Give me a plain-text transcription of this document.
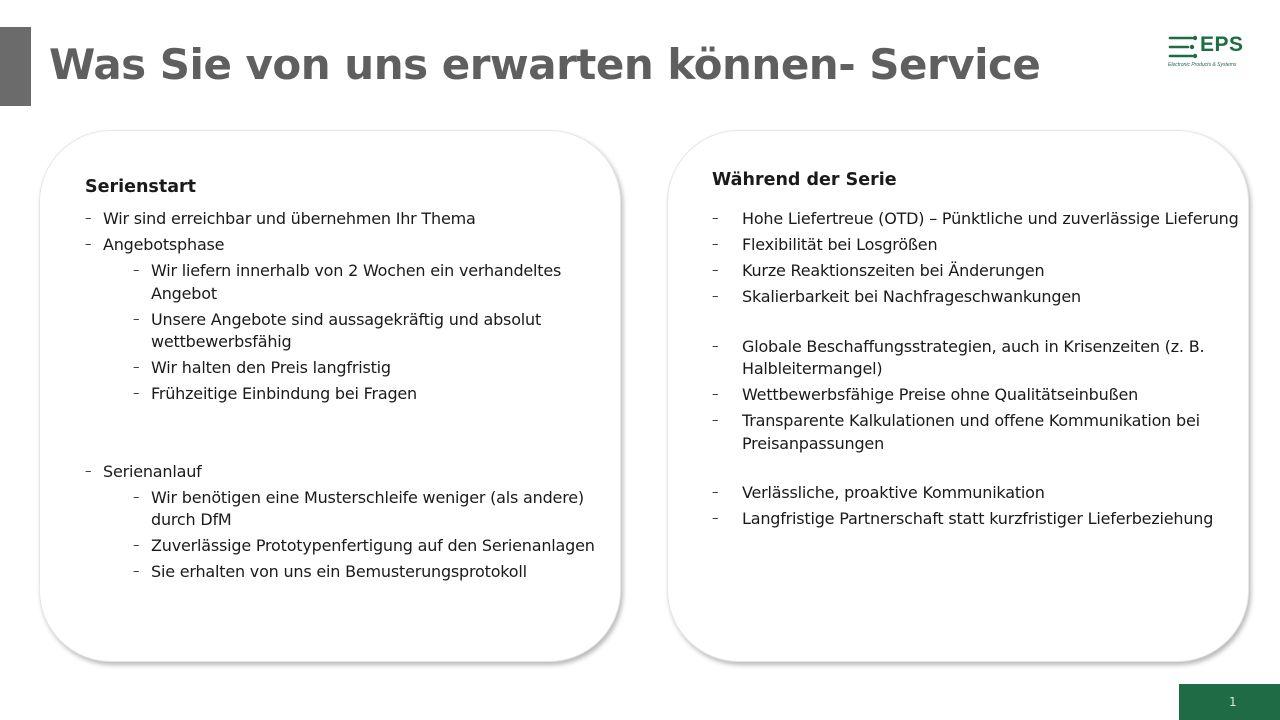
Was Sie von uns erwarten können- Service	EPS
Electronic Products & Systems
Serienstart
– Wir sind erreichbar und übernehmen Ihr Thema
– Angebotsphase
– Wir liefern innerhalb von 2 Wochen ein verhandeltes Angebot
– Unsere Angebote sind aussagekräftig und absolut wettbewerbsfähig
– Wir halten den Preis langfristig
– Frühzeitige Einbindung bei Fragen
– Serienanlauf
– Wir benötigen eine Musterschleife weniger (als andere) durch DfM
– Zuverlässige Prototypenfertigung auf den Serienanlagen
– Sie erhalten von uns ein Bemusterungsprotokoll
Während der Serie
– Hohe Liefertreue (OTD) – Pünktliche und zuverlässige Lieferung
– Flexibilität bei Losgrößen
– Kurze Reaktionszeiten bei Änderungen
– Skalierbarkeit bei Nachfrageschwankungen
– Globale Beschaffungsstrategien, auch in Krisenzeiten (z. B. Halbleitermangel)
– Wettbewerbsfähige Preise ohne Qualitätseinbußen
– Transparente Kalkulationen und offene Kommunikation bei Preisanpassungen
– Verlässliche, proaktive Kommunikation
– Langfristige Partnerschaft statt kurzfristiger Lieferbeziehung
1
